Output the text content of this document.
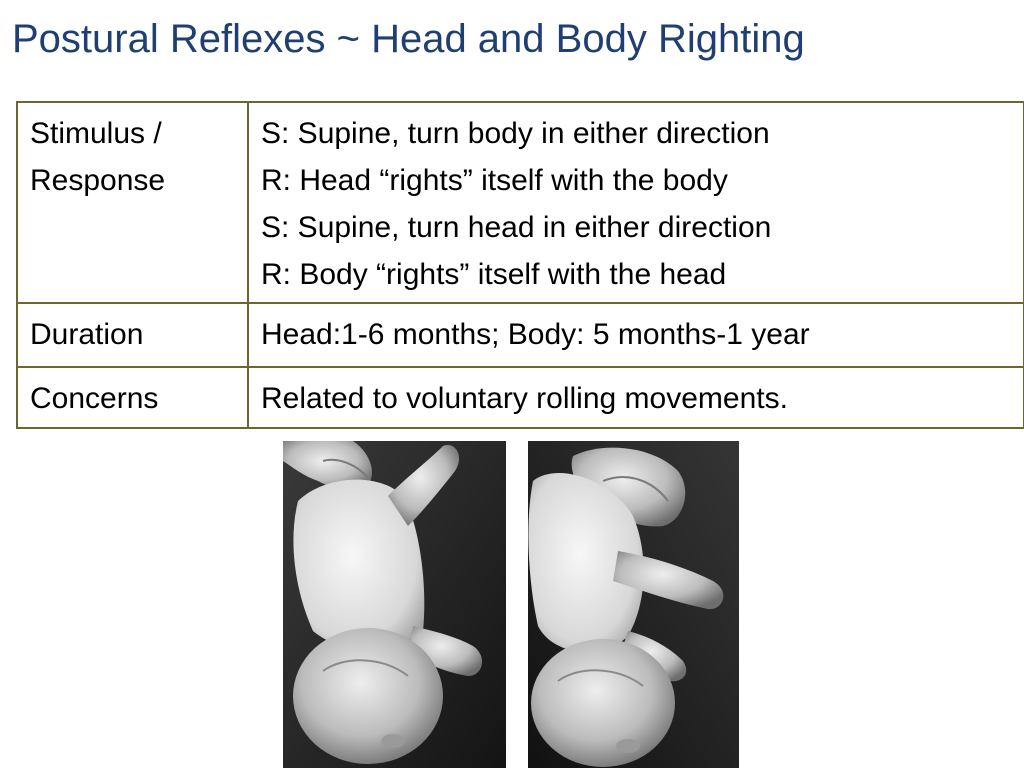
Postural Reflexes ~ Head and Body Righting
Stimulus /
Response	S: Supine, turn body in either direction
R: Head “rights” itself with the body
S: Supine, turn head in either direction
R: Body “rights” itself with the head

Duration	Head:1-6 months; Body: 5 months-1 year

Concerns	Related to voluntary rolling movements.
